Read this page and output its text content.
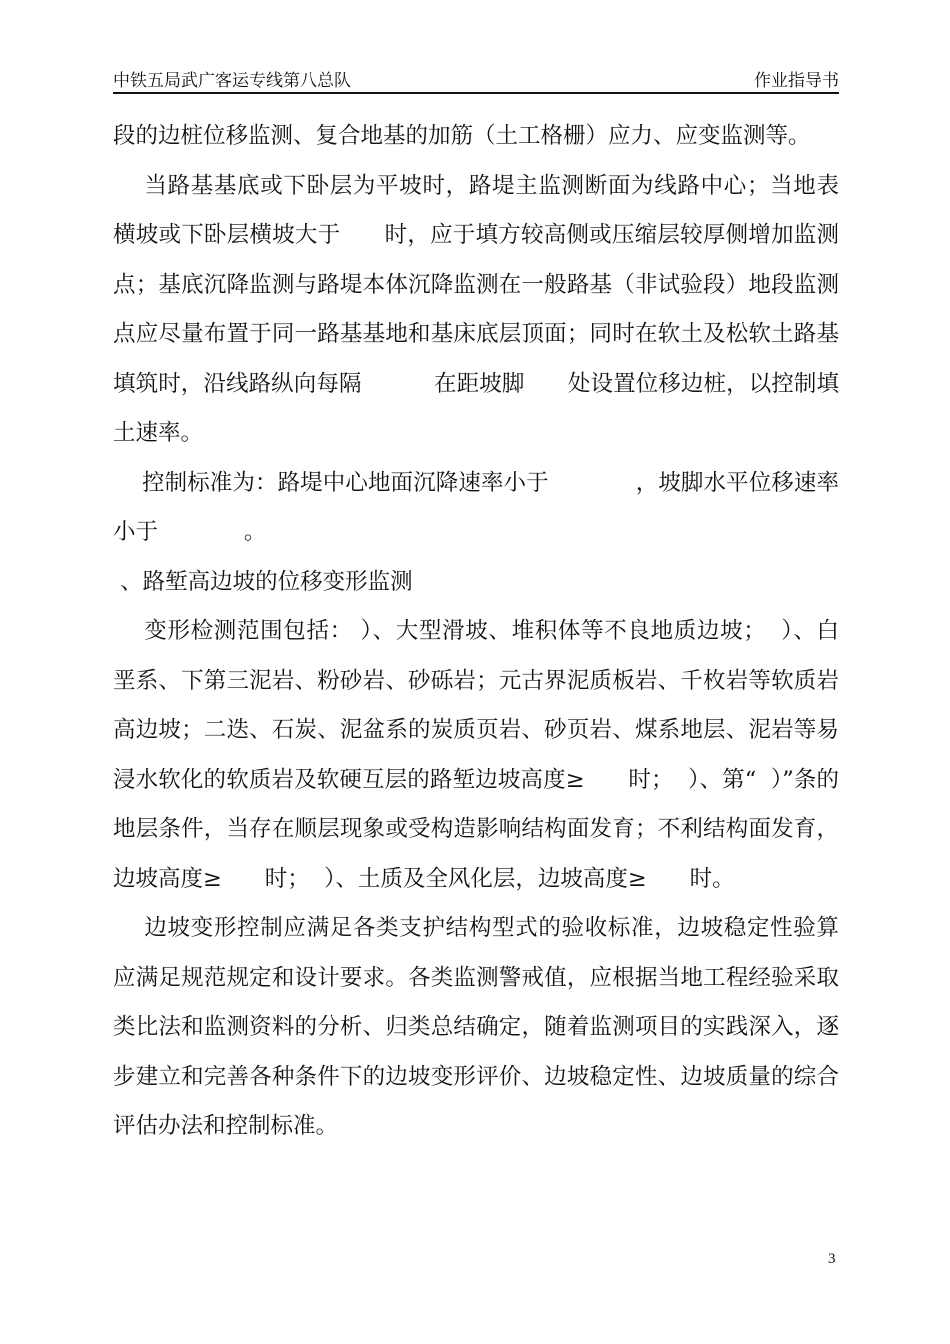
中铁五局武广客运专线第八总队	作业指导书
段的边桩位移监测、复合地基的加筋（土工格栅）应力、应变监测等。
当路基基底或下卧层为平坡时，路堤主监测断面为线路中心；当地表
横坡或下卧层横坡大于      时，应于填方较高侧或压缩层较厚侧增加监测
点；基底沉降监测与路堤本体沉降监测在一般路基（非试验段）地段监测
点应尽量布置于同一路基基地和基床底层顶面；同时在软土及松软土路基
填筑时，沿线路纵向每隔          在距坡脚      处设置位移边桩，以控制填
土速率。
控制标准为：路堤中心地面沉降速率小于            ，坡脚水平位移速率
小于            。
、路堑高边坡的位移变形监测
变形检测范围包括： ）、大型滑坡、堆积体等不良地质边坡；  ）、白
垩系、下第三泥岩、粉砂岩、砂砾岩；元古界泥质板岩、千枚岩等软质岩
高边坡；二迭、石炭、泥盆系的炭质页岩、砂页岩、煤系地层、泥岩等易
浸水软化的软质岩及软硬互层的路堑边坡高度≥      时；  ）、第“  ）”条的
地层条件，当存在顺层现象或受构造影响结构面发育；不利结构面发育，
边坡高度≥      时；  ）、土质及全风化层，边坡高度≥      时。
边坡变形控制应满足各类支护结构型式的验收标准，边坡稳定性验算
应满足规范规定和设计要求。各类监测警戒值，应根据当地工程经验采取
类比法和监测资料的分析、归类总结确定，随着监测项目的实践深入，逐
步建立和完善各种条件下的边坡变形评价、边坡稳定性、边坡质量的综合
评估办法和控制标准。
3
